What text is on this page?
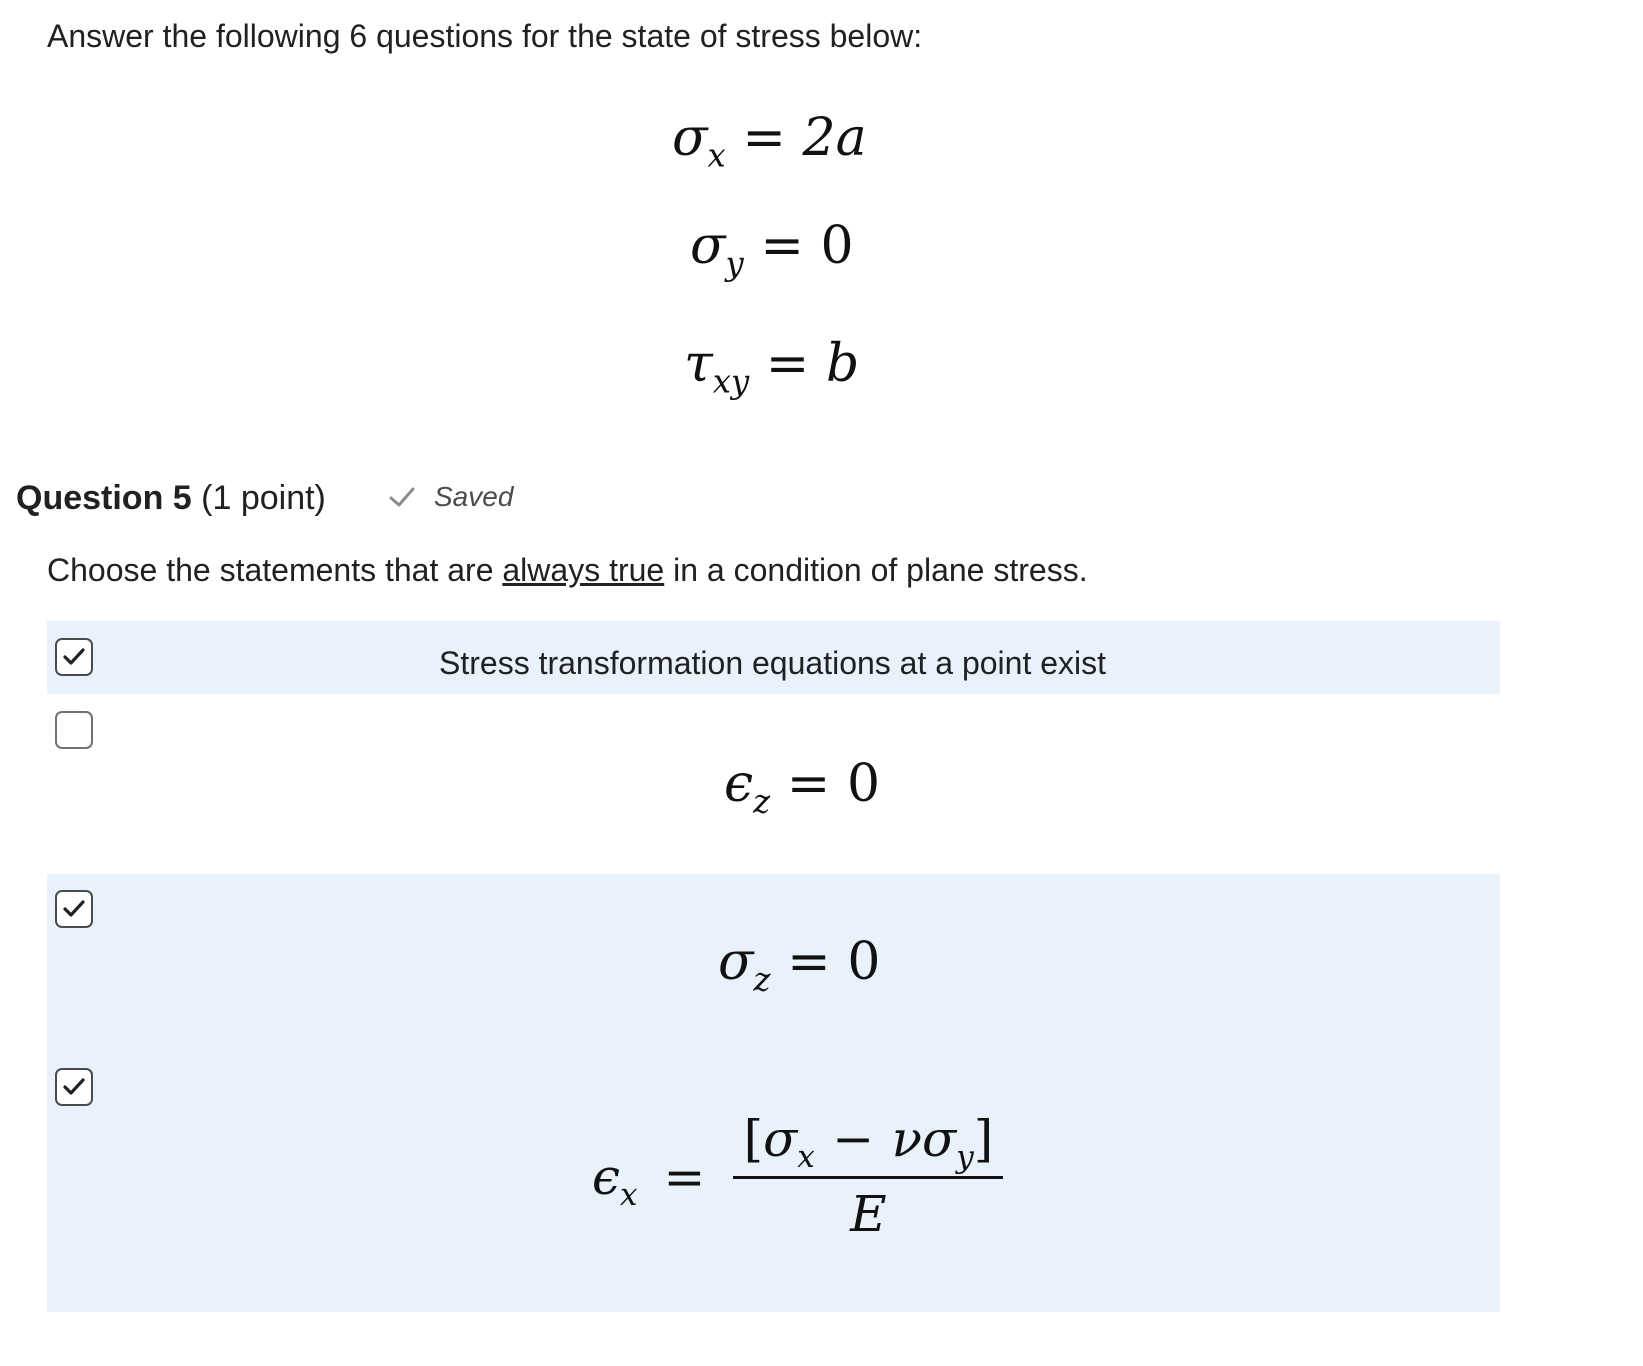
Answer the following 6 questions for the state of stress below:
$\sigma_x = 2a$
$\sigma_y = 0$
$\tau_{xy} = b$
Question 5 (1 point)	Saved
Choose the statements that are always true in a condition of plane stress.
Stress transformation equations at a point exist
$\epsilon_z = 0$
$\sigma_z = 0$
$\epsilon_x = \frac{[\sigma_x - \nu\sigma_y]}{E}$
